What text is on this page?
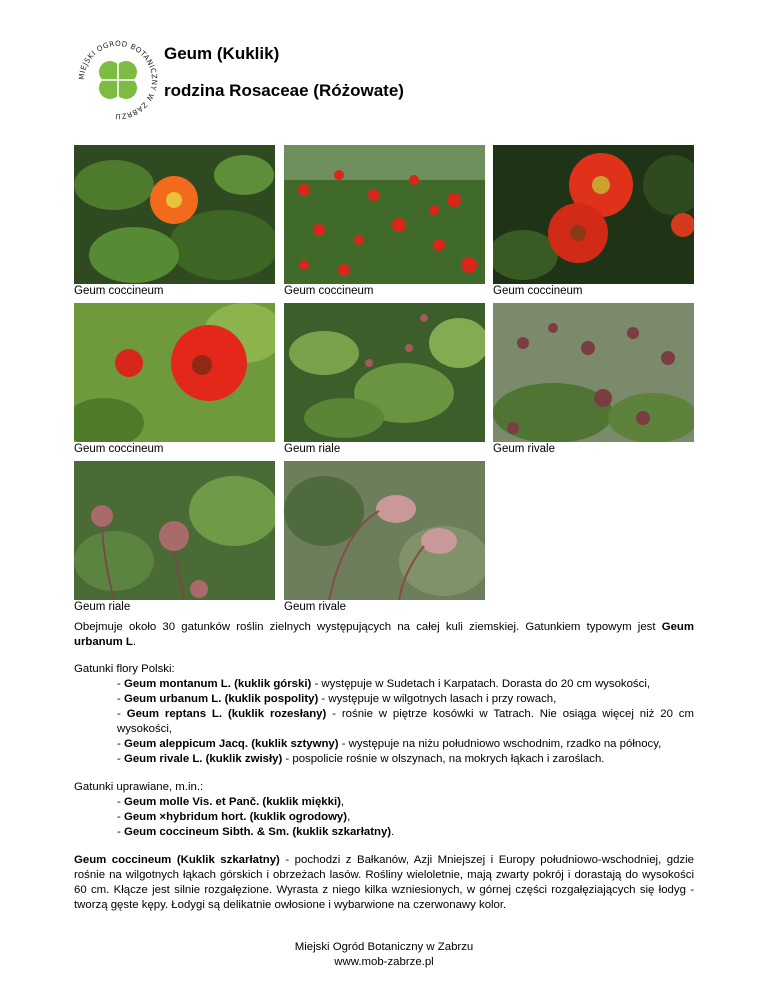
IEJSKI OGRÓD BOTANIC Y W ZABRZU
Geum (Kuklik)
rodzina Rosaceae (Różowate)
Geum coccineum	Geum coccineum	Geum coccineum
Geum coccineum	Geum riale	Geum rivale
Geum riale	Geum rivale
Obejmuje około 30 gatunków roślin zielnych występujących na całej kuli ziemskiej. Gatunkiem typowym jest Geum urbanum L.
Gatunki flory Polski:
- Geum montanum L. (kuklik górski) - występuje w Sudetach i Karpatach. Dorasta do 20 cm wysokości,
- Geum urbanum L. (kuklik pospolity) - występuje w wilgotnych lasach i przy rowach,
- Geum reptans L. (kuklik rozesłany) - rośnie w piętrze kosówki w Tatrach. Nie osiąga więcej niż 20 cm wysokości,
- Geum aleppicum Jacq. (kuklik sztywny) - występuje na niżu południowo wschodnim, rzadko na północy,
- Geum rivale L. (kuklik zwisły) - pospolicie rośnie w olszynach, na mokrych łąkach i zaroślach.
Gatunki uprawiane, m.in.:
- Geum molle Vis. et Panč. (kuklik miękki),
- Geum ×hybridum hort. (kuklik ogrodowy),
- Geum coccineum Sibth. & Sm. (kuklik szkarłatny).
Geum coccineum (Kuklik szkarłatny) - pochodzi z Bałkanów, Azji Mniejszej i Europy południowo-wschodniej, gdzie rośnie na wilgotnych łąkach górskich i obrzeżach lasów. Rośliny wieloletnie, mają zwarty pokrój i dorastają do wysokości 60 cm. Kłącze jest silnie rozgałęzione. Wyrasta z niego kilka wzniesionych, w górnej części rozgałęziających się łodyg - tworzą gęste kępy. Łodygi są delikatnie owłosione i wybarwione na czerwonawy kolor.
Miejski Ogród Botaniczny w Zabrzu
www.mob-zabrze.pl
